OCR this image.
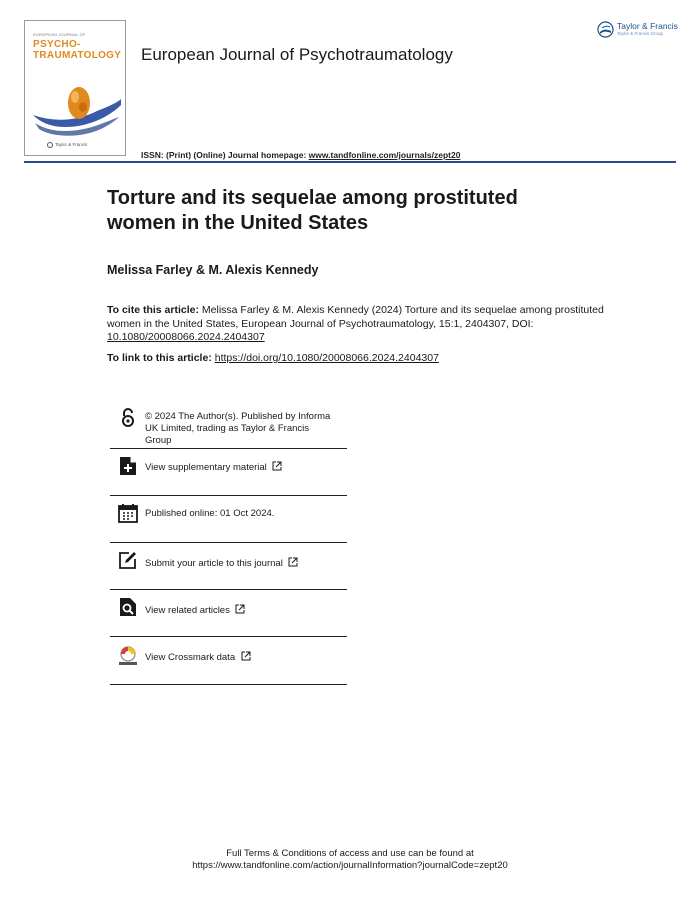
EUROPEAN JOURNAL OF
PSYCHO-
TRAUMATOLOGY
Taylor & Francis
European Journal of Psychotraumatology
Taylor & Francis
Taylor & Francis Group
ISSN: (Print) (Online) Journal homepage: www.tandfonline.com/journals/zept20
Torture and its sequelae among prostituted
women in the United States
Melissa Farley & M. Alexis Kennedy
To cite this article: Melissa Farley & M. Alexis Kennedy (2024) Torture and its sequelae among prostituted women in the United States, European Journal of Psychotraumatology, 15:1, 2404307, DOI: 10.1080/20008066.2024.2404307
To link to this article: https://doi.org/10.1080/20008066.2024.2404307
© 2024 The Author(s). Published by Informa
UK Limited, trading as Taylor & Francis
Group
View supplementary material
Published online: 01 Oct 2024.
Submit your article to this journal
View related articles
View Crossmark data
Full Terms & Conditions of access and use can be found at
https://www.tandfonline.com/action/journalInformation?journalCode=zept20
